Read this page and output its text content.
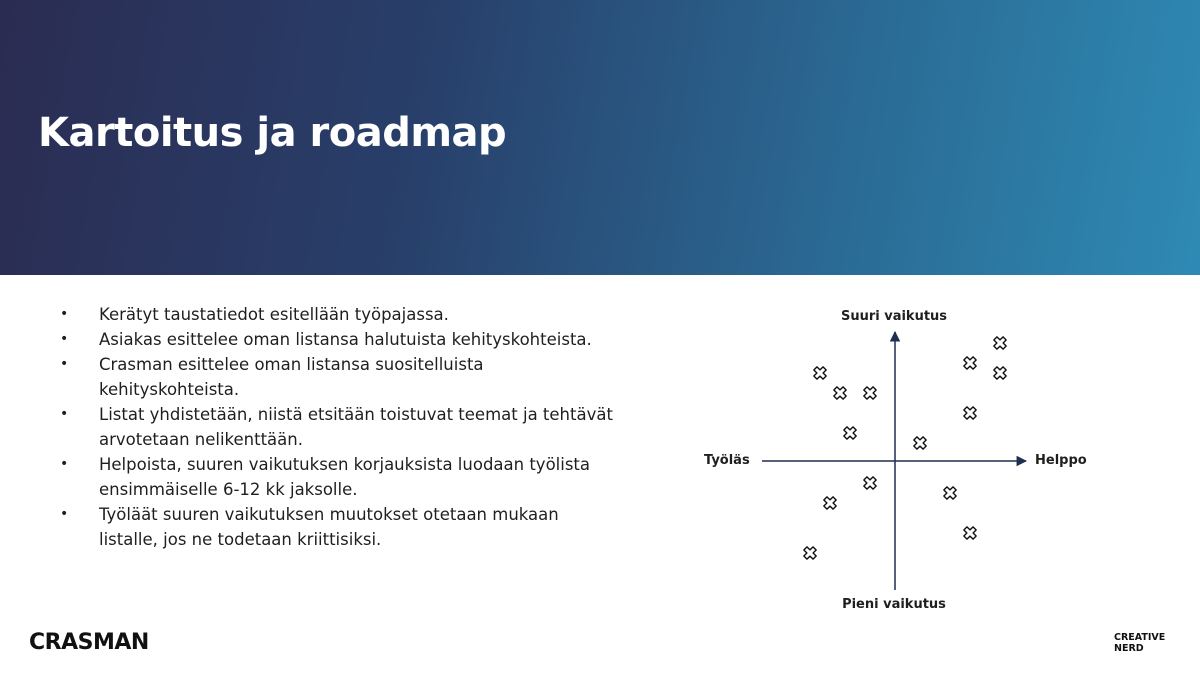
Kartoitus ja roadmap
• Kerätyt taustatiedot esitellään työpajassa.
• Asiakas esittelee oman listansa halutuista kehityskohteista.
• Crasman esittelee oman listansa suositelluista kehityskohteista.
• Listat yhdistetään, niistä etsitään toistuvat teemat ja tehtävät arvotetaan nelikenttään.
• Helpoista, suuren vaikutuksen korjauksista luodaan työlista ensimmäiselle 6-12 kk jaksolle.
• Työläät suuren vaikutuksen muutokset otetaan mukaan listalle, jos ne todetaan kriittisiksi.
Suuri vaikutus
Pieni vaikutus
Työläs	Helppo
CRASMAN	CREATIVE
NERD
